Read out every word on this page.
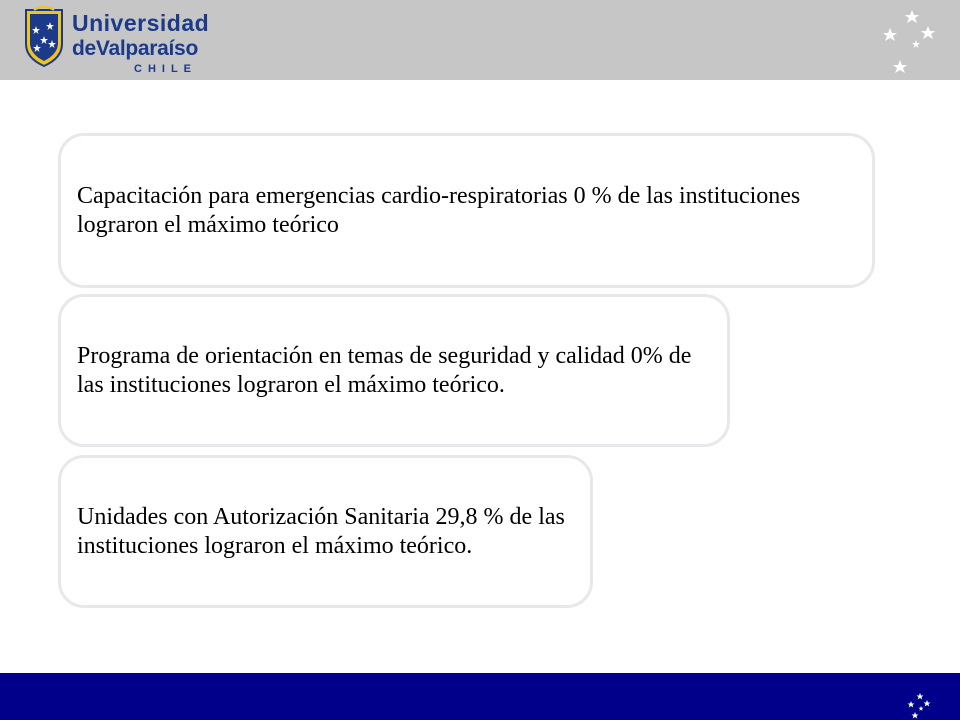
Universidad
deValparaíso
CHILE
Capacitación para emergencias cardio-respiratorias 0 % de las instituciones lograron el máximo teórico
Programa de orientación en temas de seguridad y calidad 0% de las instituciones lograron el máximo teórico.
Unidades con Autorización Sanitaria 29,8 % de las instituciones lograron el máximo teórico.
